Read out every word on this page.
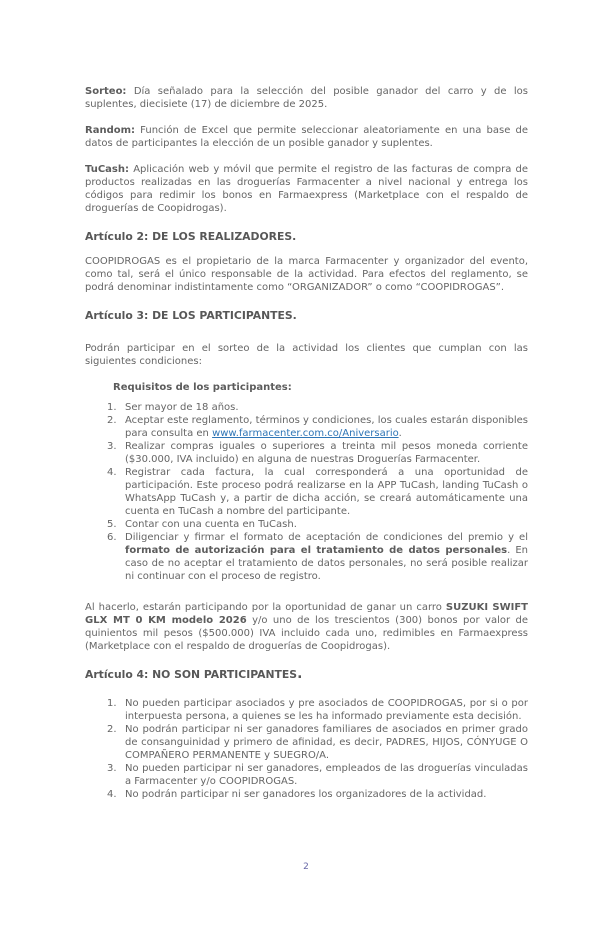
Sorteo: Día señalado para la selección del posible ganador del carro y de los suplentes, diecisiete (17) de diciembre de 2025.

Random: Función de Excel que permite seleccionar aleatoriamente en una base de datos de participantes la elección de un posible ganador y suplentes.

TuCash: Aplicación web y móvil que permite el registro de las facturas de compra de productos realizadas en las droguerías Farmacenter a nivel nacional y entrega los códigos para redimir los bonos en Farmaexpress (Marketplace con el respaldo de droguerías de Coopidrogas).

Artículo 2: DE LOS REALIZADORES.

COOPIDROGAS es el propietario de la marca Farmacenter y organizador del evento, como tal, será el único responsable de la actividad. Para efectos del reglamento, se podrá denominar indistintamente como “ORGANIZADOR” o como “COOPIDROGAS”.

Artículo 3: DE LOS PARTICIPANTES.

Podrán participar en el sorteo de la actividad los clientes que cumplan con las siguientes condiciones:

Requisitos de los participantes:
1. Ser mayor de 18 años.
2. Aceptar este reglamento, términos y condiciones, los cuales estarán disponibles para consulta en www.farmacenter.com.co/Aniversario.
3. Realizar compras iguales o superiores a treinta mil pesos moneda corriente ($30.000, IVA incluido) en alguna de nuestras Droguerías Farmacenter.
4. Registrar cada factura, la cual corresponderá a una oportunidad de participación. Este proceso podrá realizarse en la APP TuCash, landing TuCash o WhatsApp TuCash y, a partir de dicha acción, se creará automáticamente una cuenta en TuCash a nombre del participante.
5. Contar con una cuenta en TuCash.
6. Diligenciar y firmar el formato de aceptación de condiciones del premio y el formato de autorización para el tratamiento de datos personales. En caso de no aceptar el tratamiento de datos personales, no será posible realizar ni continuar con el proceso de registro.

Al hacerlo, estarán participando por la oportunidad de ganar un carro SUZUKI SWIFT GLX MT 0 KM modelo 2026 y/o uno de los trescientos (300) bonos por valor de quinientos mil pesos ($500.000) IVA incluido cada uno, redimibles en Farmaexpress (Marketplace con el respaldo de droguerías de Coopidrogas).

Artículo 4: NO SON PARTICIPANTES.
1. No pueden participar asociados y pre asociados de COOPIDROGAS, por si o por interpuesta persona, a quienes se les ha informado previamente esta decisión.
2. No podrán participar ni ser ganadores familiares de asociados en primer grado de consanguinidad y primero de afinidad, es decir, PADRES, HIJOS, CÓNYUGE O COMPAÑERO PERMANENTE y SUEGRO/A.
3. No pueden participar ni ser ganadores, empleados de las droguerías vinculadas a Farmacenter y/o COOPIDROGAS.
4. No podrán participar ni ser ganadores los organizadores de la actividad.
2
